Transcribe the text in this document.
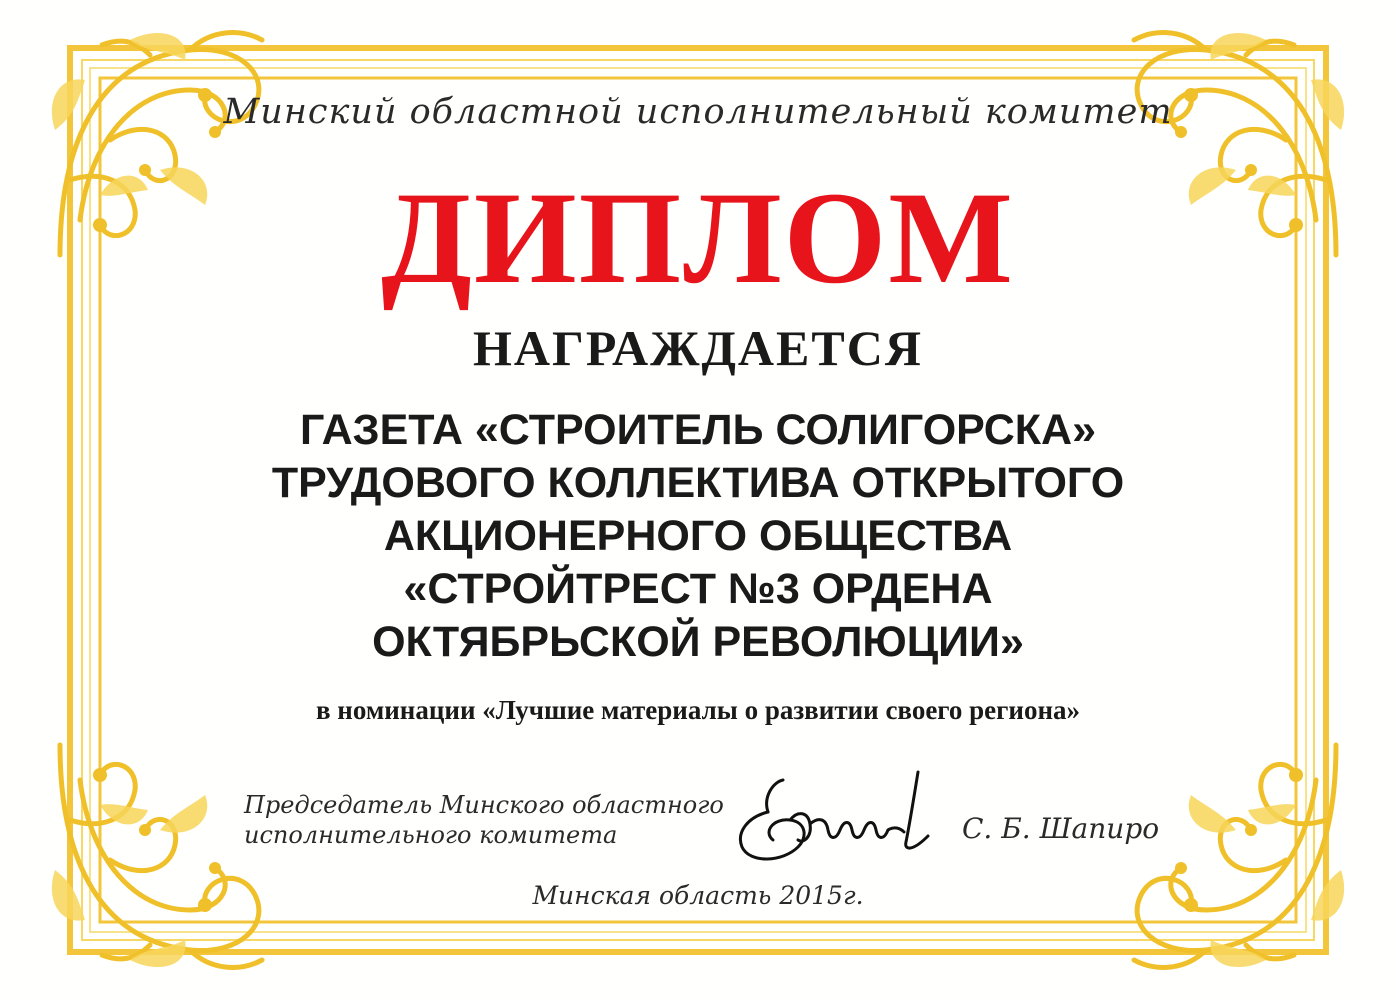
Минский областной исполнительный комитет
ДИПЛОМ
НАГРАЖДАЕТСЯ
ГАЗЕТА «СТРОИТЕЛЬ СОЛИГОРСКА»
ТРУДОВОГО КОЛЛЕКТИВА ОТКРЫТОГО
АКЦИОНЕРНОГО ОБЩЕСТВА
«СТРОЙТРЕСТ №3 ОРДЕНА
ОКТЯБРЬСКОЙ РЕВОЛЮЦИИ»
в номинации «Лучшие материалы о развитии своего региона»
Председатель Минского областного
исполнительного комитета	С. Б. Шапиро
Минская область 2015г.
